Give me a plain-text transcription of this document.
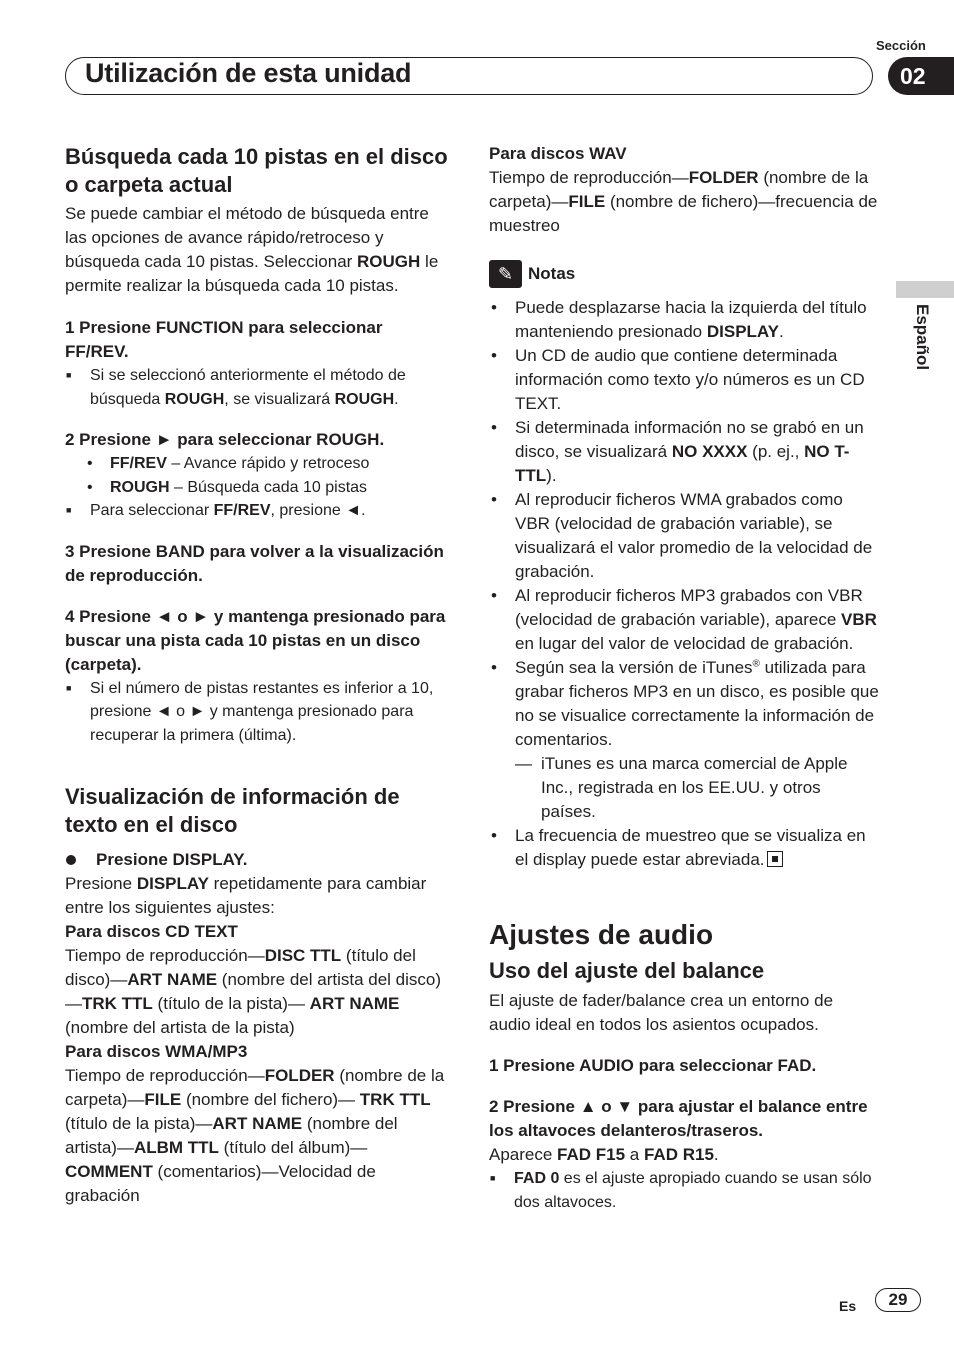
Utilización de esta unidad
Sección
02
Español
Búsqueda cada 10 pistas en el disco o carpeta actual

Se puede cambiar el método de búsqueda entre las opciones de avance rápido/retroceso y búsqueda cada 10 pistas. Seleccionar ROUGH le permite realizar la búsqueda cada 10 pistas.

1 Presione FUNCTION para seleccionar FF/REV.

■ Si se seleccionó anteriormente el método de búsqueda ROUGH, se visualizará ROUGH.

2 Presione ► para seleccionar ROUGH.

• FF/REV – Avance rápido y retroceso

• ROUGH – Búsqueda cada 10 pistas

■ Para seleccionar FF/REV, presione ◄.

3 Presione BAND para volver a la visualización de reproducción.

4 Presione ◄ o ► y mantenga presionado para buscar una pista cada 10 pistas en un disco (carpeta).

■ Si el número de pistas restantes es inferior a 10, presione ◄ o ► y mantenga presionado para recuperar la primera (última).

Visualización de información de texto en el disco

Presione DISPLAY.

Presione DISPLAY repetidamente para cambiar entre los siguientes ajustes:

Para discos CD TEXT

Tiempo de reproducción—DISC TTL (título del disco)—ART NAME (nombre del artista del disco)—TRK TTL (título de la pista)— ART NAME (nombre del artista de la pista)

Para discos WMA/MP3

Tiempo de reproducción—FOLDER (nombre de la carpeta)—FILE (nombre del fichero)— TRK TTL (título de la pista)—ART NAME (nombre del artista)—ALBM TTL (título del álbum)—COMMENT (comentarios)—Velocidad de grabación

Para discos WAV

Tiempo de reproducción—FOLDER (nombre de la carpeta)—FILE (nombre de fichero)—frecuencia de muestreo

✎ Notas

• Puede desplazarse hacia la izquierda del título manteniendo presionado DISPLAY.

• Un CD de audio que contiene determinada información como texto y/o números es un CD TEXT.

• Si determinada información no se grabó en un disco, se visualizará NO XXXX (p. ej., NO T-TTL).

• Al reproducir ficheros WMA grabados como VBR (velocidad de grabación variable), se visualizará el valor promedio de la velocidad de grabación.

• Al reproducir ficheros MP3 grabados con VBR (velocidad de grabación variable), aparece VBR en lugar del valor de velocidad de grabación.

• Según sea la versión de iTunes® utilizada para grabar ficheros MP3 en un disco, es posible que no se visualice correctamente la información de comentarios.

— iTunes es una marca comercial de Apple Inc., registrada en los EE.UU. y otros países.

• La frecuencia de muestreo que se visualiza en el display puede estar abreviada.

Ajustes de audio
Uso del ajuste del balance

El ajuste de fader/balance crea un entorno de audio ideal en todos los asientos ocupados.

1 Presione AUDIO para seleccionar FAD.

2 Presione ▲ o ▼ para ajustar el balance entre los altavoces delanteros/traseros.

Aparece FAD F15 a FAD R15.

■ FAD 0 es el ajuste apropiado cuando se usan sólo dos altavoces.

Es 29
